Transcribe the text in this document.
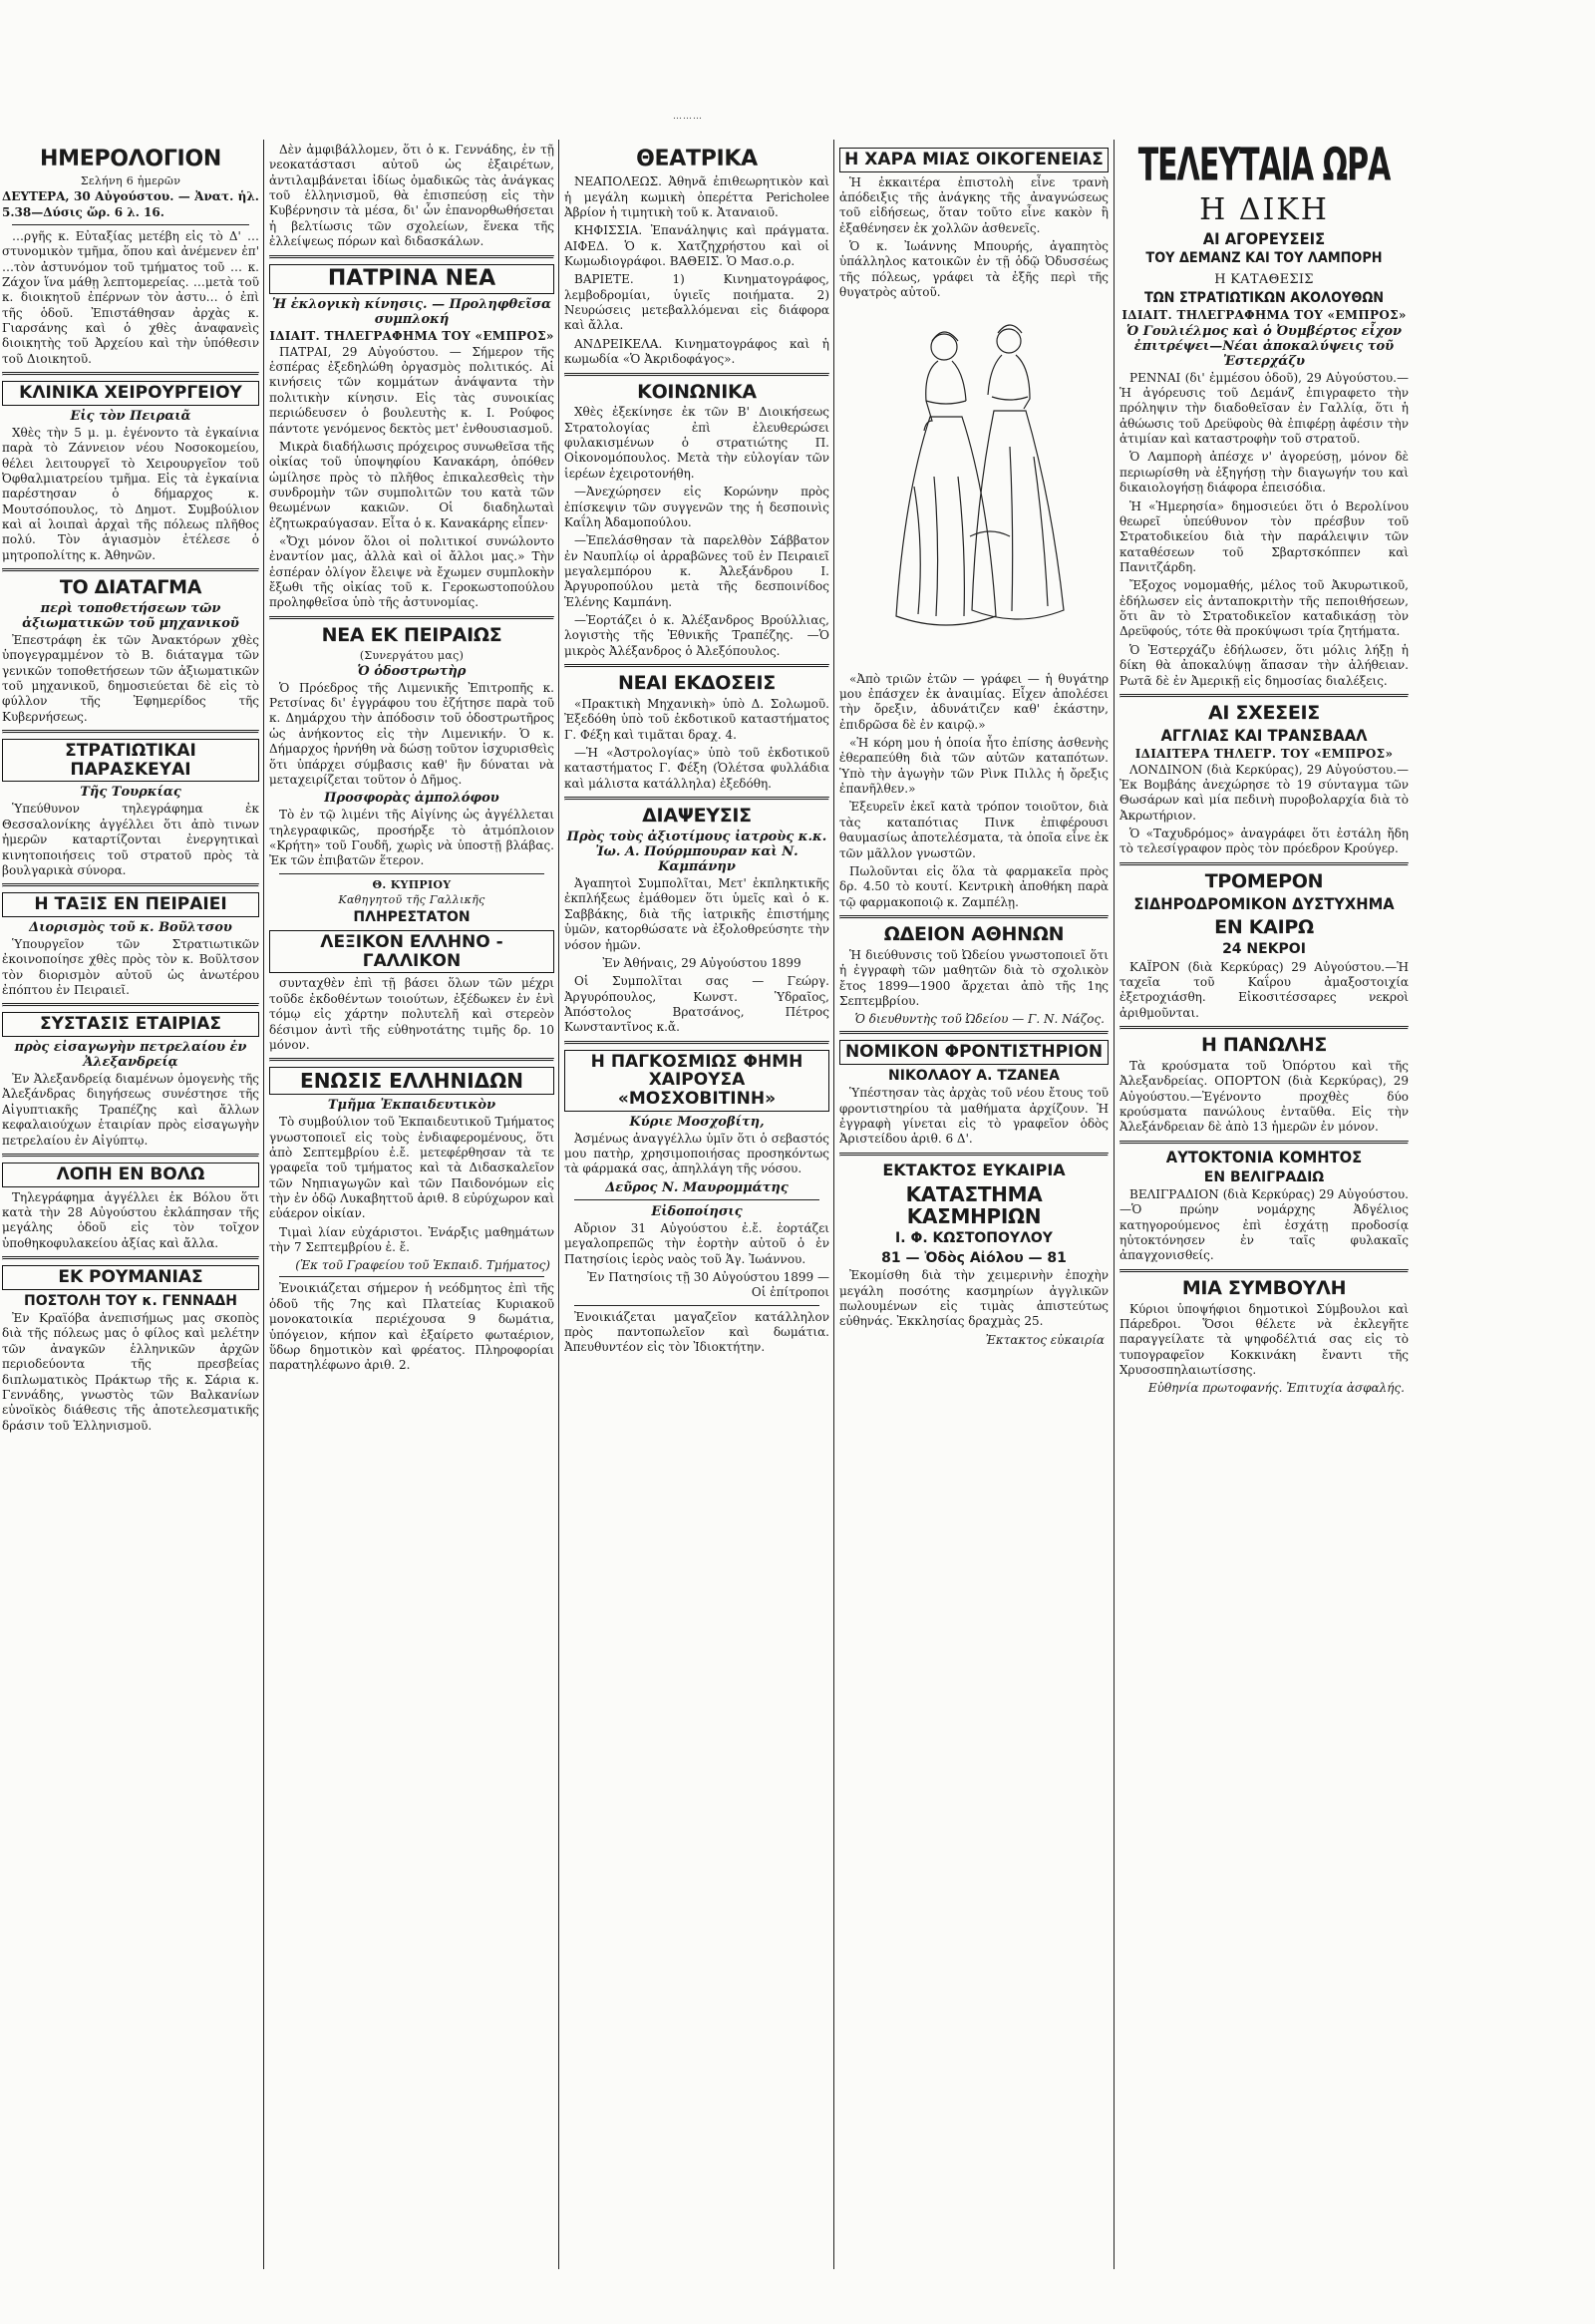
………
ΗΜΕΡΟΛΟΓΙΟΝ
Σελήνη 6 ἡμερῶν
ΔΕΥΤΕΡΑ, 30 Αὐγούστου. — Ἀνατ. ἡλ. 5.38—Δύσις ὥρ. 6 λ. 16.

…ργῆς κ. Εὐταξίας μετέβη εἰς τὸ Δ' …στυνομικὸν τμῆμα, ὅπου καὶ ἀνέμενεν ἐπ' …τὸν ἀστυνόμον τοῦ τμήματος τοῦ … κ. Ζάχον ἵνα μάθῃ λεπτομερείας. …μετὰ τοῦ κ. διοικητοῦ ἐπέρνων τὸν ἀστυ… ὁ ἐπὶ τῆς ὁδοῦ. Ἐπιστάθησαν ἀρχὰς κ. Γιαρσάνης καὶ ὁ χθὲς ἀναφανεὶς διοικητὴς τοῦ Ἀρχείου καὶ τὴν ὑπόθεσιν τοῦ Διοικητοῦ.

ΚΛΙΝΙΚΑ ΧΕΙΡΟΥΡΓΕΙΟΥ
Εἰς τὸν Πειραιᾶ

Χθὲς τὴν 5 μ. μ. ἐγένοντο τὰ ἐγκαίνια παρὰ τὸ Ζάννειον νέου Νοσοκομείου, θέλει λειτουργεῖ τὸ Χειρουργεῖον τοῦ Ὀφθαλμιατρείου τμῆμα. Εἰς τὰ ἐγκαίνια παρέστησαν ὁ δήμαρχος κ. Μουτσόπουλος, τὸ Δημοτ. Συμβούλιον καὶ αἱ λοιπαὶ ἀρχαὶ τῆς πόλεως πλῆθος πολύ. Τὸν ἁγιασμὸν ἐτέλεσε ὁ μητροπολίτης κ. Ἀθηνῶν.

ΤΟ ΔΙΑΤΑΓΜΑ
περὶ τοποθετήσεων τῶν ἀξιωματικῶν τοῦ μηχανικοῦ

Ἐπεστράφη ἐκ τῶν Ἀνακτόρων χθὲς ὑπογεγραμμένον τὸ Β. διάταγμα τῶν γενικῶν τοποθετήσεων τῶν ἀξιωματικῶν τοῦ μηχανικοῦ, δημοσιεύεται δὲ εἰς τὸ φύλλον τῆς Ἐφημερίδος τῆς Κυβερνήσεως.

ΣΤΡΑΤΙΩΤΙΚΑΙ ΠΑΡΑΣΚΕΥΑΙ
Τῆς Τουρκίας

Ὑπεύθυνον τηλεγράφημα ἐκ Θεσσαλονίκης ἀγγέλλει ὅτι ἀπὸ τινων ἡμερῶν καταρτίζονται ἐνεργητικαὶ κινητοποιήσεις τοῦ στρατοῦ πρὸς τὰ βουλγαρικὰ σύνορα.

Η ΤΑΞΙΣ ΕΝ ΠΕΙΡΑΙΕΙ
Διορισμὸς τοῦ κ. Βοῦλτσου

Ὑπουργεῖον τῶν Στρατιωτικῶν ἐκοινοποίησε χθὲς πρὸς τὸν κ. Βοῦλτσον τὸν διορισμὸν αὐτοῦ ὡς ἀνωτέρου ἐπόπτου ἐν Πειραιεῖ.

ΣΥΣΤΑΣΙΣ ΕΤΑΙΡΙΑΣ
πρὸς εἰσαγωγὴν πετρελαίου ἐν Ἀλεξανδρείᾳ

Ἐν Ἀλεξανδρείᾳ διαμένων ὁμογενὴς τῆς Ἀλεξάνδρας διηγήσεως συνέστησε τῆς Αἰγυπτιακῆς Τραπέζης καὶ ἄλλων κεφαλαιούχων ἑταιρίαν πρὸς εἰσαγωγὴν πετρελαίου ἐν Αἰγύπτῳ.

ΛΟΠΗ ΕΝ ΒΟΛΩ

Τηλεγράφημα ἀγγέλλει ἐκ Βόλου ὅτι κατὰ τὴν 28 Αὐγούστου ἐκλάπησαν τῆς μεγάλης ὁδοῦ εἰς τὸν τοῖχον ὑποθηκοφυλακείου ἀξίας καὶ ἄλλα.

ΕΚ ΡΟΥΜΑΝΙΑΣ
ΠΟΣΤΟΛΗ ΤΟΥ κ. ΓΕΝΝΑΔΗ

Ἐν Κραϊόβα ἀνεπισήμως μας σκοπὸς διὰ τῆς πόλεως μας ὁ φίλος καὶ μελέτην τῶν ἀναγκῶν ἑλληνικῶν ἀρχῶν περιοδεύοντα τῆς πρεσβείας διπλωματικὸς Πράκτωρ τῆς κ. Σάρια κ. Γεννάδης, γνωστὸς τῶν Βαλκανίων εὐνοϊκὸς διάθεσις τῆς ἀποτελεσματικῆς δράσιν τοῦ Ἑλληνισμοῦ.

Δὲν ἀμφιβάλλομεν, ὅτι ὁ κ. Γεννάδης, ἐν τῇ νεοκατάστασι αὐτοῦ ὡς ἐξαιρέτων, ἀντιλαμβάνεται ἰδίως ὁμαδικῶς τὰς ἀνάγκας τοῦ ἑλληνισμοῦ, θὰ ἐπισπεύσῃ εἰς τὴν Κυβέρνησιν τὰ μέσα, δι' ὧν ἐπανορθωθήσεται ἡ βελτίωσις τῶν σχολείων, ἕνεκα τῆς ἐλλείψεως πόρων καὶ διδασκάλων.

ΠΑΤΡΙΝΑ ΝΕΑ
Ἡ ἐκλογικὴ κίνησις. — Προληφθεῖσα συμπλοκή
ΙΔΙΑΙΤ. ΤΗΛΕΓΡΑΦΗΜΑ ΤΟΥ «ΕΜΠΡΟΣ»

ΠΑΤΡΑΙ, 29 Αὐγούστου. — Σήμερον τῆς ἑσπέρας ἐξεδηλώθη ὀργασμὸς πολιτικός. Αἱ κινήσεις τῶν κομμάτων ἀνάψαντα τὴν πολιτικὴν κίνησιν. Εἰς τὰς συνοικίας περιώδευσεν ὁ βουλευτὴς κ. Ι. Ρούφος πάντοτε γενόμενος δεκτὸς μετ' ἐνθουσιασμοῦ.

Μικρὰ διαδήλωσις πρόχειρος συνωθεῖσα τῆς οἰκίας τοῦ ὑποψηφίου Κανακάρη, ὁπόθεν ὡμίλησε πρὸς τὸ πλῆθος ἐπικαλεσθεὶς τὴν συνδρομὴν τῶν συμπολιτῶν του κατὰ τῶν θεωμένων κακιῶν. Οἱ διαδηλωταὶ ἐζητωκραύγασαν. Εἶτα ὁ κ. Κανακάρης εἶπεν·

«Ὄχι μόνον ὅλοι οἱ πολιτικοί συνώλοντο ἐναντίον μας, ἀλλὰ καὶ οἱ ἄλλοι μας.» Τὴν ἑσπέραν ὀλίγον ἔλειψε νὰ ἔχωμεν συμπλοκὴν ἔξωθι τῆς οἰκίας τοῦ κ. Γεροκωστοπούλου προληφθεῖσα ὑπὸ τῆς ἀστυνομίας.

ΝΕΑ ΕΚ ΠΕΙΡΑΙΩΣ
(Συνεργάτου μας)
Ὁ ὁδοστρωτὴρ

Ὁ Πρόεδρος τῆς Λιμενικῆς Ἐπιτροπῆς κ. Ρετσίνας δι' ἐγγράφου του ἐζήτησε παρὰ τοῦ κ. Δημάρχου τὴν ἀπόδοσιν τοῦ ὁδοστρωτῆρος ὡς ἀνήκοντος εἰς τὴν Λιμενικήν. Ὁ κ. Δήμαρχος ἠρνήθη νὰ δώσῃ τοῦτον ἰσχυρισθεὶς ὅτι ὑπάρχει σύμβασις καθ' ἣν δύναται νὰ μεταχειρίζεται τοῦτον ὁ Δῆμος.

Προσφορὰς ἀμπολόφου

Τὸ ἐν τῷ λιμένι τῆς Αἰγίνης ὡς ἀγγέλλεται τηλεγραφικῶς, προσήρξε τὸ ἀτμόπλοιον «Κρήτη» τοῦ Γουδῆ, χωρὶς νὰ ὑποστῇ βλάβας. Ἐκ τῶν ἐπιβατῶν ἕτερον.

Θ. ΚΥΠΡΙΟΥ
Καθηγητοῦ τῆς Γαλλικῆς
ΠΛΗΡΕΣΤΑΤΟΝ
ΛΕΞΙΚΟΝ ΕΛΛΗΝΟ - ΓΑΛΛΙΚΟΝ

συνταχθὲν ἐπὶ τῇ βάσει ὅλων τῶν μέχρι τοῦδε ἐκδοθέντων τοιούτων, ἐξέδωκεν ἐν ἑνὶ τόμῳ εἰς χάρτην πολυτελῆ καὶ στερεὸν δέσιμον ἀντὶ τῆς εὐθηνοτάτης τιμῆς δρ. 10 μόνον.

ΕΝΩΣΙΣ ΕΛΛΗΝΙΔΩΝ
Τμῆμα Ἐκπαιδευτικὸν

Τὸ συμβούλιον τοῦ Ἐκπαιδευτικοῦ Τμήματος γνωστοποιεῖ εἰς τοὺς ἐνδιαφερομένους, ὅτι ἀπὸ Σεπτεμβρίου ἐ.ἔ. μετεφέρθησαν τὰ τε γραφεῖα τοῦ τμήματος καὶ τὰ Διδασκαλεῖον τῶν Νηπιαγωγῶν καὶ τῶν Παιδονόμων εἰς τὴν ἐν ὁδῷ Λυκαβηττοῦ ἀριθ. 8 εὐρύχωρον καὶ εὐάερον οἰκίαν.

Τιμαὶ λίαν εὐχάριστοι. Ἐνάρξις μαθημάτων τὴν 7 Σεπτεμβρίου ἐ. ἔ.

(Ἐκ τοῦ Γραφείου τοῦ Ἐκπαιδ. Τμήματος)

Ἐνοικιάζεται σήμερον ἡ νεόδμητος ἐπὶ τῆς ὁδοῦ τῆς 7ης καὶ Πλατείας Κυριακοῦ μονοκατοικία περιέχουσα 9 δωμάτια, ὑπόγειον, κήπον καὶ ἐξαίρετο φωταέριον, ὕδωρ δημοτικὸν καὶ φρέατος. Πληροφορίαι παρατηλέφωνο ἀριθ. 2.

ΘΕΑΤΡΙΚΑ

ΝΕΑΠΟΛΕΩΣ. Ἀθηνᾶ ἐπιθεωρητικὸν καὶ ἡ μεγάλη κωμικὴ ὀπερέττα Pericholee Ἀβρίον ἡ τιμητικὴ τοῦ κ. Ἀταναιοῦ.

ΚΗΦΙΣΣΙΑ. Ἐπανάληψις καὶ πράγματα. ΑΙΦΕΔ. Ὁ κ. Χατζηχρήστου καὶ οἱ Κωμωδιογράφοι. ΒΑΘΕΙΣ. Ὁ Μασ.ο.ρ.

ΒΑΡΙΕΤΕ. 1) Κινηματογράφος, λεμβοδρομίαι, ὑγιεῖς ποιήματα. 2) Νευρώσεις μετεβαλλόμεναι εἰς διάφορα καὶ ἄλλα.

ΑΝΔΡΕΙΚΕΛΑ. Κινηματογράφος καὶ ἡ κωμωδία «Ὁ Ἀκριδοφάγος».

ΚΟΙΝΩΝΙΚΑ

Χθὲς ἐξεκίνησε ἐκ τῶν Β' Διοικήσεως Στρατολογίας ἐπὶ ἐλευθερώσει φυλακισμένων ὁ στρατιώτης Π. Οἰκονομόπουλος. Μετὰ τὴν εὐλογίαν τῶν ἱερέων ἐχειροτονήθη.

—Ἀνεχώρησεν εἰς Κορώνην πρὸς ἐπίσκεψιν τῶν συγγενῶν της ἡ δεσποινὶς Καΐλη Ἀδαμοπούλου.

—Ἐπελάσθησαν τὰ παρελθὸν Σάββατον ἐν Ναυπλίῳ οἱ ἀρραβῶνες τοῦ ἐν Πειραιεῖ μεγαλεμπόρου κ. Ἀλεξάνδρου Ι. Ἀργυροπούλου μετὰ τῆς δεσποινίδος Ἑλένης Καμπάνη.

—Ἑορτάζει ὁ κ. Ἀλέξανδρος Βρούλλιας, λογιστὴς τῆς Ἐθνικῆς Τραπέζης. —Ὁ μικρὸς Ἀλέξανδρος ὁ Ἀλεξόπουλος.

ΝΕΑΙ ΕΚΔΟΣΕΙΣ

«Πρακτικὴ Μηχανικὴ» ὑπὸ Δ. Σολωμοῦ. Ἐξεδόθη ὑπὸ τοῦ ἐκδοτικοῦ καταστήματος Γ. Φέξη καὶ τιμᾶται δραχ. 4.

—Ἡ «Ἀστρολογίας» ὑπὸ τοῦ ἐκδοτικοῦ καταστήματος Γ. Φέξη (Ὁλέτσα φυλλάδια καὶ μάλιστα κατάλληλα) ἐξεδόθη.

ΔΙΑΨΕΥΣΙΣ
Πρὸς τοὺς ἀξιοτίμους ἰατροὺς κ.κ. Ἰω. Α. Πούρμπουραν καὶ Ν. Καμπάνην

Ἀγαπητοὶ Συμπολῖται, Μετ' ἐκπληκτικῆς ἐκπλήξεως ἐμάθομεν ὅτι ὑμεῖς καὶ ὁ κ. Σαββάκης, διὰ τῆς ἰατρικῆς ἐπιστήμης ὑμῶν, κατορθώσατε νὰ ἐξολοθρεύσητε τὴν νόσον ἡμῶν.

Ἐν Ἀθήναις, 29 Αὐγούστου 1899

Οἱ Συμπολῖται σας — Γεώργ. Ἀργυρόπουλος, Κωνστ. Ὑδραῖος, Ἀπόστολος Βρατσάνος, Πέτρος Κωνσταντῖνος κ.ἄ.

Η ΠΑΓΚΟΣΜΙΩΣ ΦΗΜΗ ΧΑΙΡΟΥΣΑ «ΜΟΣΧΟΒΙΤΙΝΗ»
Κύριε Μοσχοβίτη,

Ἀσμένως ἀναγγέλλω ὑμῖν ὅτι ὁ σεβαστός μου πατὴρ, χρησιμοποιήσας προσηκόντως τὰ φάρμακά σας, ἀπηλλάγη τῆς νόσου.

Δεῦρος Ν. Μαυρομμάτης
Εἰδοποίησις

Αὔριον 31 Αὐγούστου ἐ.ἔ. ἑορτάζει μεγαλοπρεπῶς τὴν ἑορτὴν αὐτοῦ ὁ ἐν Πατησίοις ἱερὸς ναὸς τοῦ Ἁγ. Ἰωάννου.

Ἐν Πατησίοις τῇ 30 Αὐγούστου 1899 — Οἱ ἐπίτροποι

Ἐνοικιάζεται μαγαζεῖον κατάλληλον πρὸς παντοπωλεῖον καὶ δωμάτια. Ἀπευθυντέον εἰς τὸν Ἰδιοκτήτην.

Η ΧΑΡΑ ΜΙΑΣ ΟΙΚΟΓΕΝΕΙΑΣ

Ἡ ἐκκαιτέρα ἐπιστολὴ εἶνε τρανὴ ἀπόδειξις τῆς ἀνάγκης τῆς ἀναγνώσεως τοῦ εἰδήσεως, ὅταν τοῦτο εἶνε κακὸν ἢ ἐξαθένησεν ἐκ χολλῶν ἀσθενεῖς.

Ὁ κ. Ἰωάννης Μπουρής, ἀγαπητὸς ὑπάλληλος κατοικῶν ἐν τῇ ὁδῷ Ὀδυσσέως τῆς πόλεως, γράφει τὰ ἐξῆς περὶ τῆς θυγατρὸς αὐτοῦ.

«Ἀπὸ τριῶν ἐτῶν — γράφει — ἡ θυγάτηρ μου ἐπάσχεν ἐκ ἀναιμίας. Εἶχεν ἀπολέσει τὴν ὄρεξιν, ἀδυνάτιζεν καθ' ἑκάστην, ἐπιδρῶσα δὲ ἐν καιρῷ.»

«Ἡ κόρη μου ἡ ὁποία ἦτο ἐπίσης ἀσθενὴς ἐθεραπεύθη διὰ τῶν αὐτῶν καταπότων. Ὑπὸ τὴν ἀγωγὴν τῶν Ρὶνκ Πιλλς ἡ ὄρεξις ἐπανῆλθεν.»

Ἐξευρεῖν ἐκεῖ κατὰ τρόπον τοιοῦτον, διὰ τὰς καταπότιας Πινκ ἐπιφέρουσι θαυμασίως ἀποτελέσματα, τὰ ὁποῖα εἶνε ἐκ τῶν μᾶλλον γνωστῶν.

Πωλοῦνται εἰς ὅλα τὰ φαρμακεῖα πρὸς δρ. 4.50 τὸ κουτί. Κεντρικὴ ἀποθήκη παρὰ τῷ φαρμακοποιῷ κ. Ζαμπέλῃ.

ΩΔΕΙΟΝ ΑΘΗΝΩΝ

Ἡ διεύθυνσις τοῦ Ὠδείου γνωστοποιεῖ ὅτι ἡ ἐγγραφὴ τῶν μαθητῶν διὰ τὸ σχολικὸν ἔτος 1899—1900 ἄρχεται ἀπὸ τῆς 1ης Σεπτεμβρίου.

Ὁ διευθυντὴς τοῦ Ὠδείου — Γ. Ν. Νάζος.
ΝΟΜΙΚΟΝ ΦΡΟΝΤΙΣΤΗΡΙΟΝ
ΝΙΚΟΛΑΟΥ Α. ΤΖΑΝΕΑ

Ὑπέστησαν τὰς ἀρχὰς τοῦ νέου ἔτους τοῦ φροντιστηρίου τὰ μαθήματα ἀρχίζουν. Ἡ ἐγγραφὴ γίνεται εἰς τὸ γραφεῖον ὁδὸς Ἀριστείδου ἀριθ. 6 Δ'.

ΕΚΤΑΚΤΟΣ ΕΥΚΑΙΡΙΑ
ΚΑΤΑΣΤΗΜΑ ΚΑΣΜΗΡΙΩΝ
Ι. Φ. ΚΩΣΤΟΠΟΥΛΟΥ
81 — Ὁδὸς Αἰόλου — 81

Ἐκομίσθη διὰ τὴν χειμερινὴν ἐποχὴν μεγάλη ποσότης κασμηρίων ἀγγλικῶν πωλουμένων εἰς τιμὰς ἀπιστεύτως εὐθηνάς. Ἐκκλησίας δραχμὰς 25.

Ἐκτακτος εὐκαιρία
ΤΕΛΕΥΤΑΙΑ ΩΡΑ
Η ΔΙΚΗ
ΑΙ ΑΓΟΡΕΥΣΕΙΣ
ΤΟΥ ΔΕΜΑΝΖ ΚΑΙ ΤΟΥ ΛΑΜΠΟΡΗ
Η ΚΑΤΑΘΕΣΙΣ
ΤΩΝ ΣΤΡΑΤΙΩΤΙΚΩΝ ΑΚΟΛΟΥΘΩΝ
ΙΔΙΑΙΤ. ΤΗΛΕΓΡΑΦΗΜΑ ΤΟΥ «ΕΜΠΡΟΣ»
Ὁ Γουλιέλμος καὶ ὁ Ὀυμβέρτος εἶχον ἐπιτρέψει—Νέαι ἀποκαλύψεις τοῦ Ἐστερχάζυ

ΡΕΝΝΑΙ (δι' ἐμμέσου ὁδοῦ), 29 Αὐγούστου.—Ἡ ἀγόρευσις τοῦ Δεμάνζ ἐπιγραφετο τὴν πρόληψιν τὴν διαδοθεῖσαν ἐν Γαλλίᾳ, ὅτι ἡ ἀθώωσις τοῦ Δρεϋφοὺς θὰ ἐπιφέρῃ ἀφέσιν τὴν ἀτιμίαν καὶ καταστροφὴν τοῦ στρατοῦ.

Ὁ Λαμπορὴ ἀπέσχε ν' ἀγορεύσῃ, μόνον δὲ περιωρίσθη νὰ ἐξηγήσῃ τὴν διαγωγήν του καὶ δικαιολογήσῃ διάφορα ἐπεισόδια.

Ἡ «Ἡμερησία» δημοσιεύει ὅτι ὁ Βερολίνου θεωρεῖ ὑπεύθυνον τὸν πρέσβυν τοῦ Στρατοδικείου διὰ τὴν παράλειψιν τῶν καταθέσεων τοῦ Σβαρτσκόππεν καὶ Πανιτζάρδη.

Ἔξοχος νομομαθής, μέλος τοῦ Ἀκυρωτικοῦ, ἐδήλωσεν εἰς ἀνταποκριτὴν τῆς πεποιθήσεων, ὅτι ἂν τὸ Στρατοδικεῖον καταδικάσῃ τὸν Δρεϋφούς, τότε θὰ προκύψωσι τρία ζητήματα.

Ὁ Ἐστερχάζυ ἐδήλωσεν, ὅτι μόλις λήξῃ ἡ δίκη θὰ ἀποκαλύψῃ ἅπασαν τὴν ἀλήθειαν. Ρωτᾶ δὲ ἐν Ἀμερικῇ εἰς δημοσίας διαλέξεις.

ΑΙ ΣΧΕΣΕΙΣ
ΑΓΓΛΙΑΣ ΚΑΙ ΤΡΑΝΣΒΑΑΛ
ΙΔΙΑΙΤΕΡΑ ΤΗΛΕΓΡ. ΤΟΥ «ΕΜΠΡΟΣ»

ΛΟΝΔΙΝΟΝ (διὰ Κερκύρας), 29 Αὐγούστου.—Ἐκ Βομβάης ἀνεχώρησε τὸ 19 σύνταγμα τῶν Θωσάρων καὶ μία πεδινὴ πυροβολαρχία διὰ τὸ Ἀκρωτήριον.

Ὁ «Ταχυδρόμος» ἀναγράφει ὅτι ἐστάλη ἤδη τὸ τελεσίγραφον πρὸς τὸν πρόεδρον Κρούγερ.

ΤΡΟΜΕΡΟΝ
ΣΙΔΗΡΟΔΡΟΜΙΚΟΝ ΔΥΣΤΥΧΗΜΑ
ΕΝ ΚΑΙΡΩ
24 ΝΕΚΡΟΙ

ΚΑΪΡΟΝ (διὰ Κερκύρας) 29 Αὐγούστου.—Ἡ ταχεῖα τοῦ Καΐρου ἀμαξοστοιχία ἐξετροχιάσθη. Εἰκοσιτέσσαρες νεκροὶ ἀριθμοῦνται.

Η ΠΑΝΩΛΗΣ

Τὰ κρούσματα τοῦ Ὀπόρτου καὶ τῆς Ἀλεξανδρείας. ΟΠΟΡΤΟΝ (διὰ Κερκύρας), 29 Αὐγούστου.—Ἐγένοντο προχθὲς δύο κρούσματα πανώλους ἐνταῦθα. Εἰς τὴν Ἀλεξάνδρειαν δὲ ἀπὸ 13 ἡμερῶν ἐν μόνον.

ΑΥΤΟΚΤΟΝΙΑ ΚΟΜΗΤΟΣ
ΕΝ ΒΕΛΙΓΡΑΔΙΩ

ΒΕΛΙΓΡΑΔΙΟΝ (διὰ Κερκύρας) 29 Αὐγούστου.—Ὁ πρώην νομάρχης Ἀδγέλιος κατηγορούμενος ἐπὶ ἐσχάτῃ προδοσίᾳ ηὐτοκτόνησεν ἐν ταῖς φυλακαῖς ἀπαγχονισθείς.

ΜΙΑ ΣΥΜΒΟΥΛΗ

Κύριοι ὑποψήφιοι δημοτικοὶ Σύμβουλοι καὶ Πάρεδροι. Ὅσοι θέλετε νὰ ἐκλεγῆτε παραγγείλατε τὰ ψηφοδέλτιά σας εἰς τὸ τυπογραφεῖον Κοκκινάκη ἔναντι τῆς Χρυσοσπηλαιωτίσσης.

Εὐθηνία πρωτοφανής. Ἐπιτυχία ἀσφαλής.
